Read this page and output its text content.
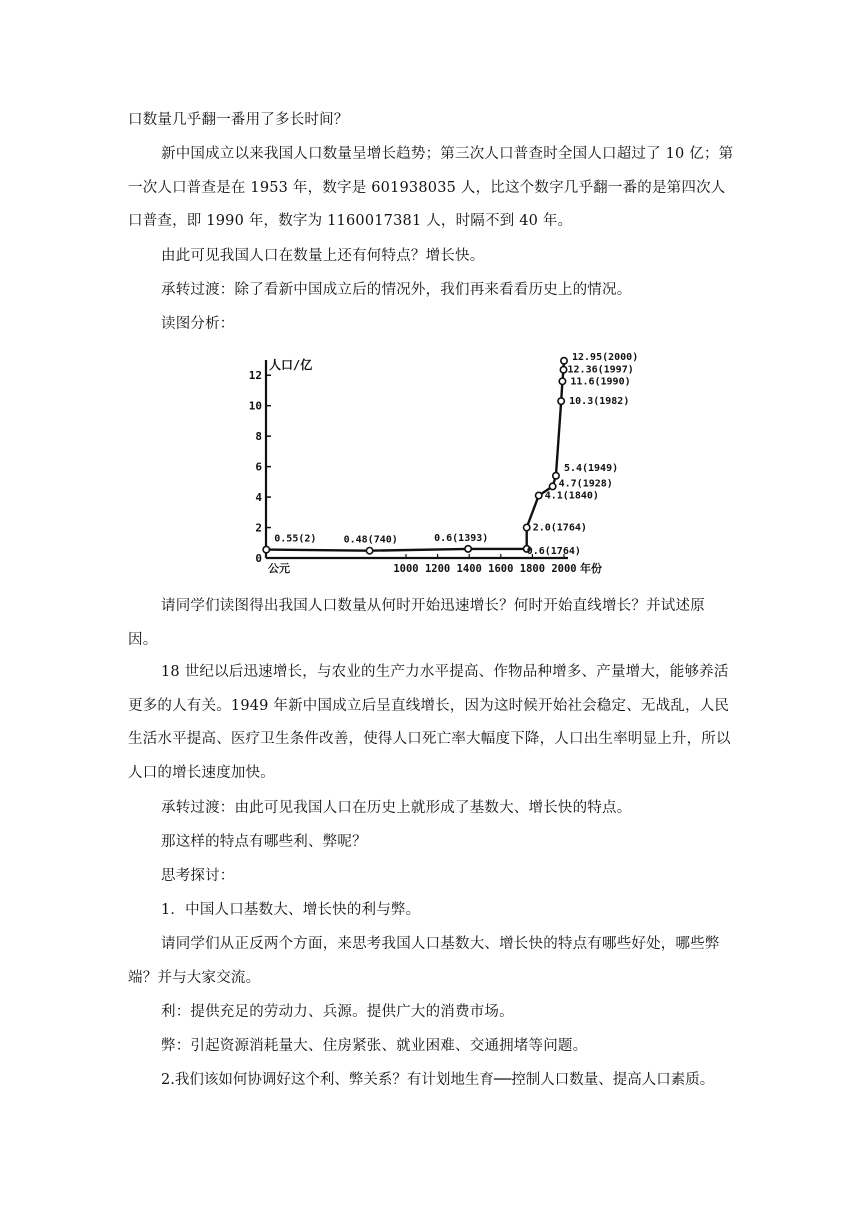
口数量几乎翻一番用了多长时间？

新中国成立以来我国人口数量呈增长趋势；第三次人口普查时全国人口超过了 10 亿；第一次人口普查是在 1953 年，数字是 601938035 人，比这个数字几乎翻一番的是第四次人口普查，即 1990 年，数字为 1160017381 人，时隔不到 40 年。

由此可见我国人口在数量上还有何特点？增长快。

承转过渡：除了看新中国成立后的情况外，我们再来看看历史上的情况。

读图分析：

0
2
4
6
8
10
12
人口/亿
1000 1200 1400 1600 1800 2000
公元	年份
0.55(2)	0.48(740)	0.6(1393)
0.6(1764)
2.0(1764)
4.1(1840)
4.7(1928)
5.4(1949)
10.3(1982)
11.6(1990)
12.36(1997)
12.95(2000)

请同学们读图得出我国人口数量从何时开始迅速增长？何时开始直线增长？并试述原因。

18 世纪以后迅速增长，与农业的生产力水平提高、作物品种增多、产量增大，能够养活更多的人有关。1949 年新中国成立后呈直线增长，因为这时候开始社会稳定、无战乱，人民生活水平提高、医疗卫生条件改善，使得人口死亡率大幅度下降，人口出生率明显上升，所以人口的增长速度加快。

承转过渡：由此可见我国人口在历史上就形成了基数大、增长快的特点。

那这样的特点有哪些利、弊呢？

思考探讨：

1．中国人口基数大、增长快的利与弊。

请同学们从正反两个方面，来思考我国人口基数大、增长快的特点有哪些好处，哪些弊端？并与大家交流。

利：提供充足的劳动力、兵源。提供广大的消费市场。

弊：引起资源消耗量大、住房紧张、就业困难、交通拥堵等问题。

2.我们该如何协调好这个利、弊关系？有计划地生育──控制人口数量、提高人口素质。
